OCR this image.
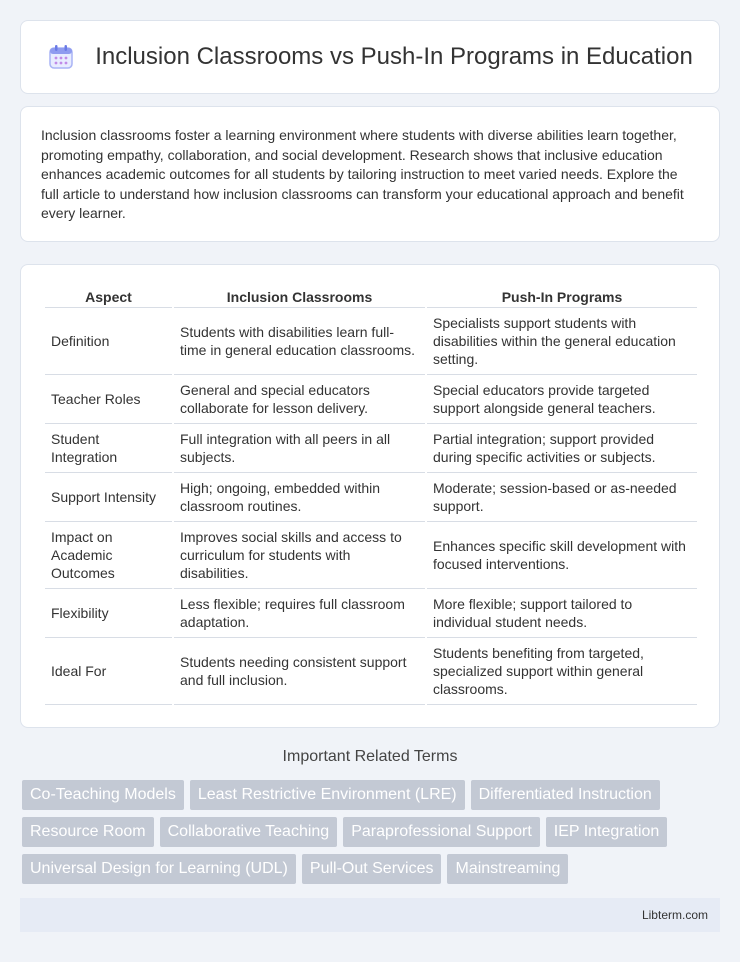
Inclusion Classrooms vs Push-In Programs in Education

Inclusion classrooms foster a learning environment where students with diverse abilities learn together, promoting empathy, collaboration, and social development. Research shows that inclusive education enhances academic outcomes for all students by tailoring instruction to meet varied needs. Explore the full article to understand how inclusion classrooms can transform your educational approach and benefit every learner.

Aspect	Inclusion Classrooms	Push-In Programs
Definition	Students with disabilities learn full-time in general education classrooms.	Specialists support students with disabilities within the general education setting.
Teacher Roles	General and special educators collaborate for lesson delivery.	Special educators provide targeted support alongside general teachers.
Student Integration	Full integration with all peers in all subjects.	Partial integration; support provided during specific activities or subjects.
Support Intensity	High; ongoing, embedded within classroom routines.	Moderate; session-based or as-needed support.
Impact on Academic Outcomes	Improves social skills and access to curriculum for students with disabilities.	Enhances specific skill development with focused interventions.
Flexibility	Less flexible; requires full classroom adaptation.	More flexible; support tailored to individual student needs.
Ideal For	Students needing consistent support and full inclusion.	Students benefiting from targeted, specialized support within general classrooms.
Important Related Terms
Co-Teaching Models	Least Restrictive Environment (LRE)	Differentiated Instruction
Resource Room	Collaborative Teaching	Paraprofessional Support	IEP Integration
Universal Design for Learning (UDL)	Pull-Out Services	Mainstreaming
Libterm.com
